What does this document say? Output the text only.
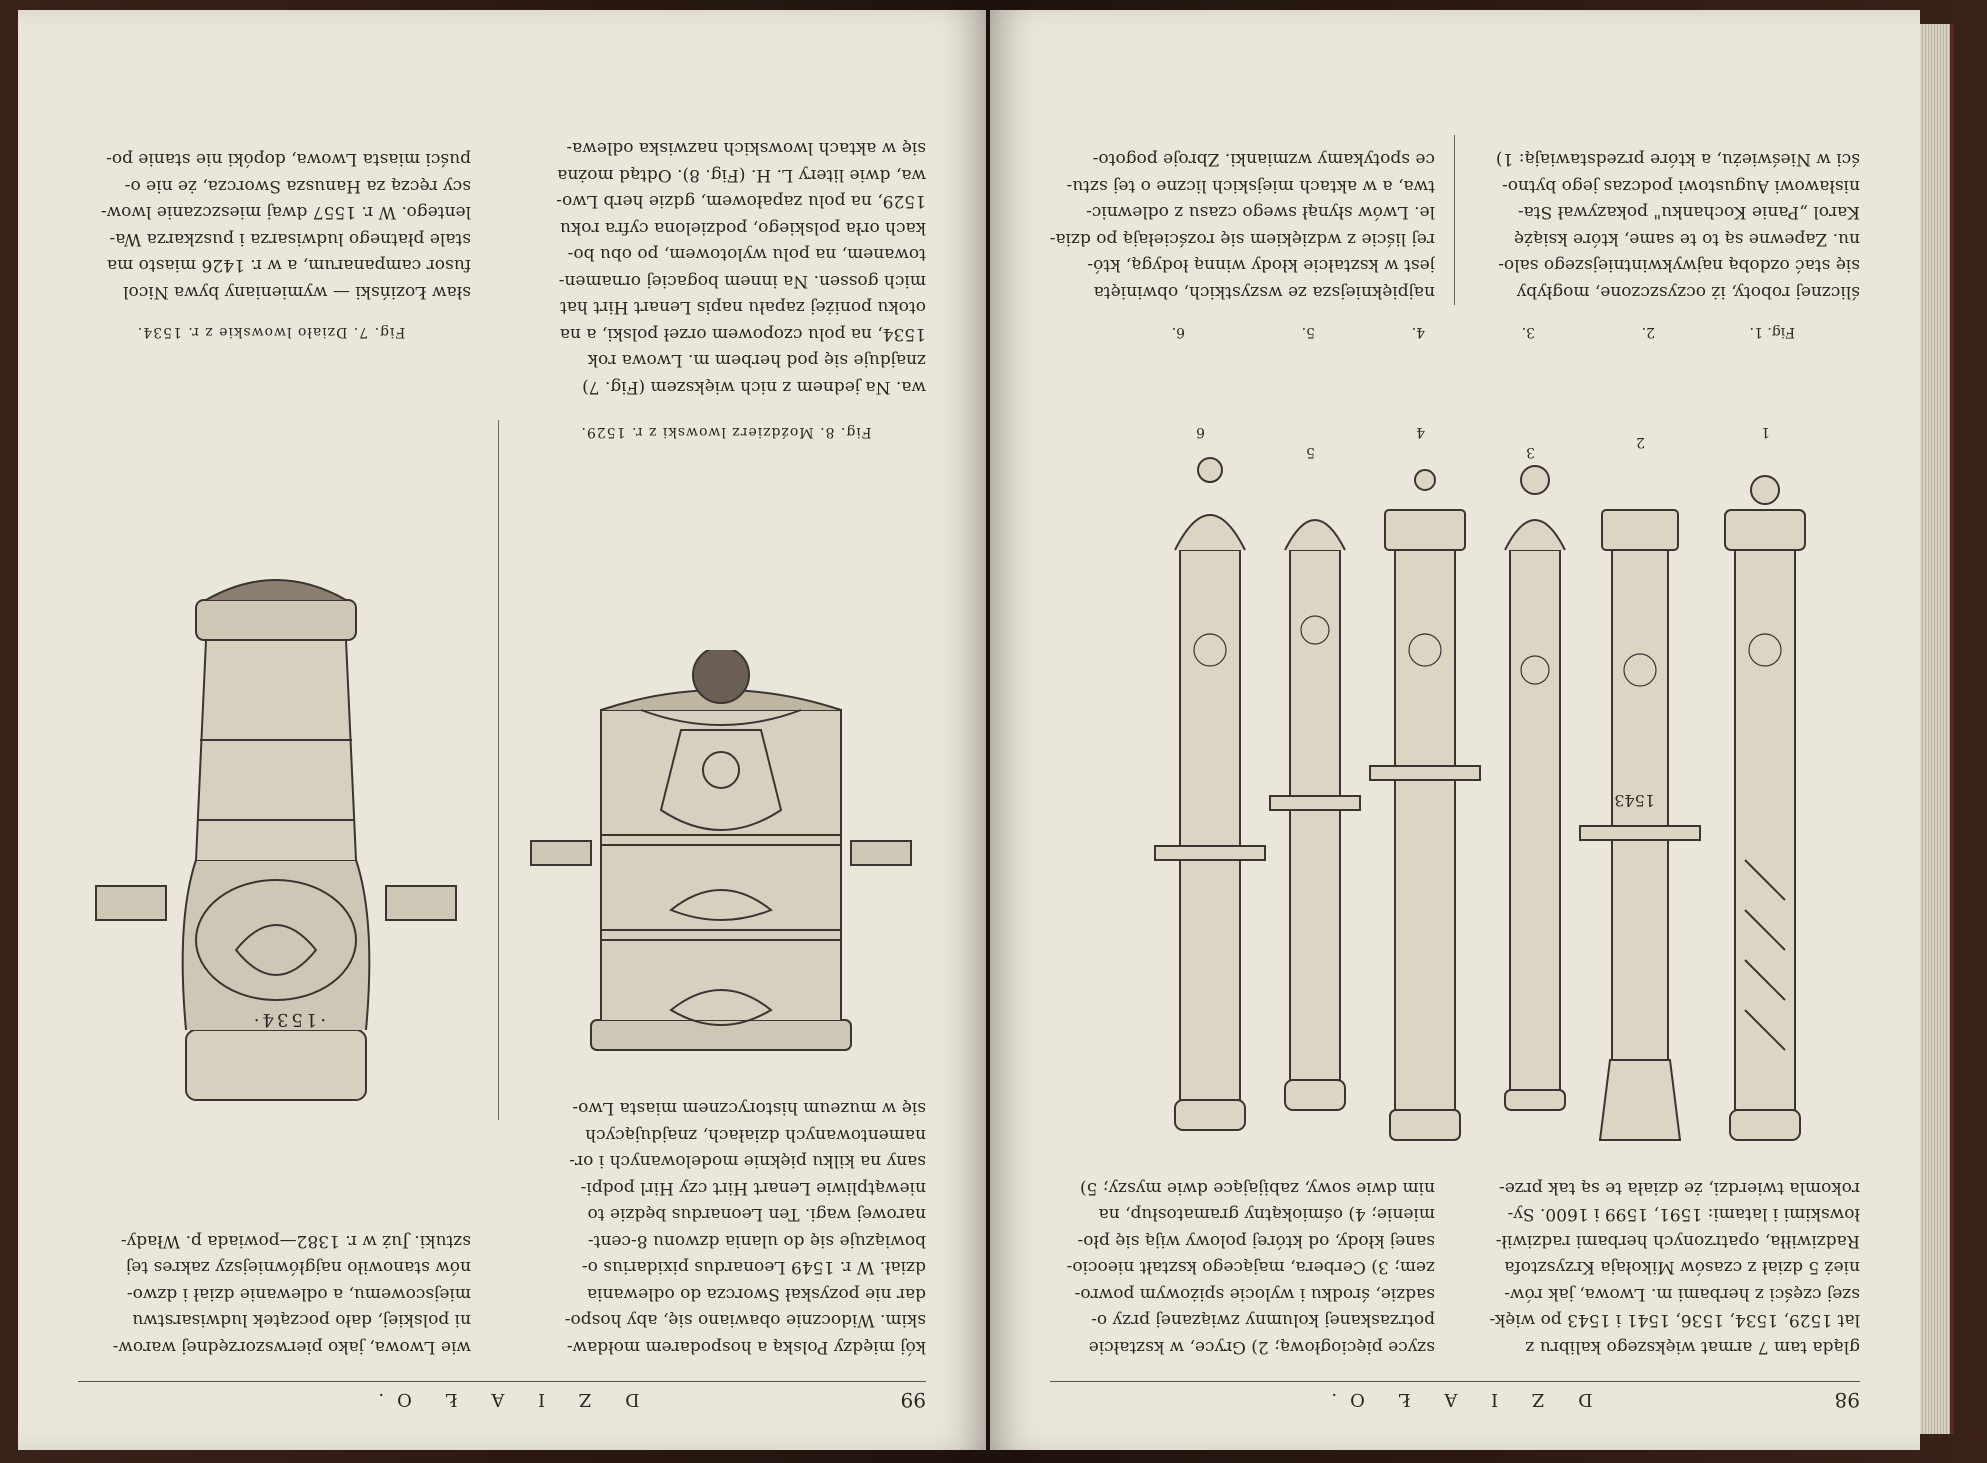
99
D Z I A Ł O.
kój między Polską a hospodarem mołdaw-
skim. Widocznie obawiano się, aby hospo-
dar nie pozyskał Sworcza do odlewania
dział. W r. 1549 Leonardus pixidarius o-
bowiązuje się do ulania dzwonu 8-cent-
narowej wagi. Ten Leonardus będzie to
niewątpliwie Lenart Hirt czy Hirl podpi-
sany na kilku pięknie modelowanych i or-
namentowanych działach, znajdujących
się w muzeum historycznem miasta Lwo-
wie Lwowa, jako pierwszorzędnej warow-
ni polskiej, dało początek ludwisarstwu
miejscowemu, a odlewanie dział i dzwo-
nów stanowiło najgłówniejszy zakres tej
sztuki. Już w r. 1382—powiada p. Włady-
·1534·
Fig. 8. Moździerz lwowski z r. 1529.
Fig. 7. Działo lwowskie z r. 1534.
wa. Na jednem z nich większem (Fig. 7)
znajduje się pod herbem m. Lwowa rok
1534, na polu czopowem orzeł polski, a na
otoku poniżej zapału napis Lenart Hirt hat
mich gossen. Na innem bogaciej ornamen-
towanem, na polu wylotowem, po obu bo-
kach orła polskiego, podzielona cyfra roku
1529, na polu zapałowem, gdzie herb Lwo-
wa, dwie litery L. H. (Fig. 8). Odtąd można
się w aktach lwowskich nazwiska odlewa-
sław Łoziński — wymieniany bywa Nicol
fusor campanarum, a w r. 1426 miasto ma
stale płatnego ludwisarza i puszkarza Wa-
lentego. W r. 1557 dwaj mieszczanie lwow-
scy ręczą za Hanusza Sworcza, że nie o-
puści miasta Lwowa, dopóki nie stanie po-
98
D Z I A Ł O.
gląda tam 7 armat większego kalibru z
lat 1529, 1534, 1536, 1541 i 1543 po więk-
szej części z herbami m. Lwowa, jak rów-
nież 5 dział z czasów Mikołaja Krzysztofa
Radziwiłła, opatrzonych herbami radziwił-
łowskimi i latami: 1591, 1599 i 1600. Sy-
rokomla twierdzi, że działa te są tak prze-
szyce pięciogłową; 2) Gryce, w kształcie
potrzaskanej kolumny związanej przy o-
sadzie, środku i wylocie spiżowym powro-
zem; 3) Cerbera, mającego kształt nieocio-
sanej kłody, od której polowy wiją się pło-
mienie; 4) ośmiokątny gramatosłup, na
nim dwie sowy, zabijające dwie myszy; 5)
1543
1
2
3
4
5
6
Fig. 1.
2.
3.
4.
5.
6.
ślicznej roboty, iż oczyszczone, mogłyby
się stać ozdobą najwykwintniejszego salo-
nu. Zapewne są to te same, które książę
Karol „Panie Kochanku" pokazywał Sta-
nisławowi Augustowi podczas jego bytno-
ści w Nieświeżu, a które przedstawiają: 1)
najpiękniejsza ze wszystkich, obwinięta
jest w kształcie kłody winną łodygą, któ-
rej liście z wdziękiem się rozściełają po dzia-
le. Lwów słynął swego czasu z odlewnic-
twa, a w aktach miejskich liczne o tej sztu-
ce spotykamy wzmianki. Zbroje pogoto-
